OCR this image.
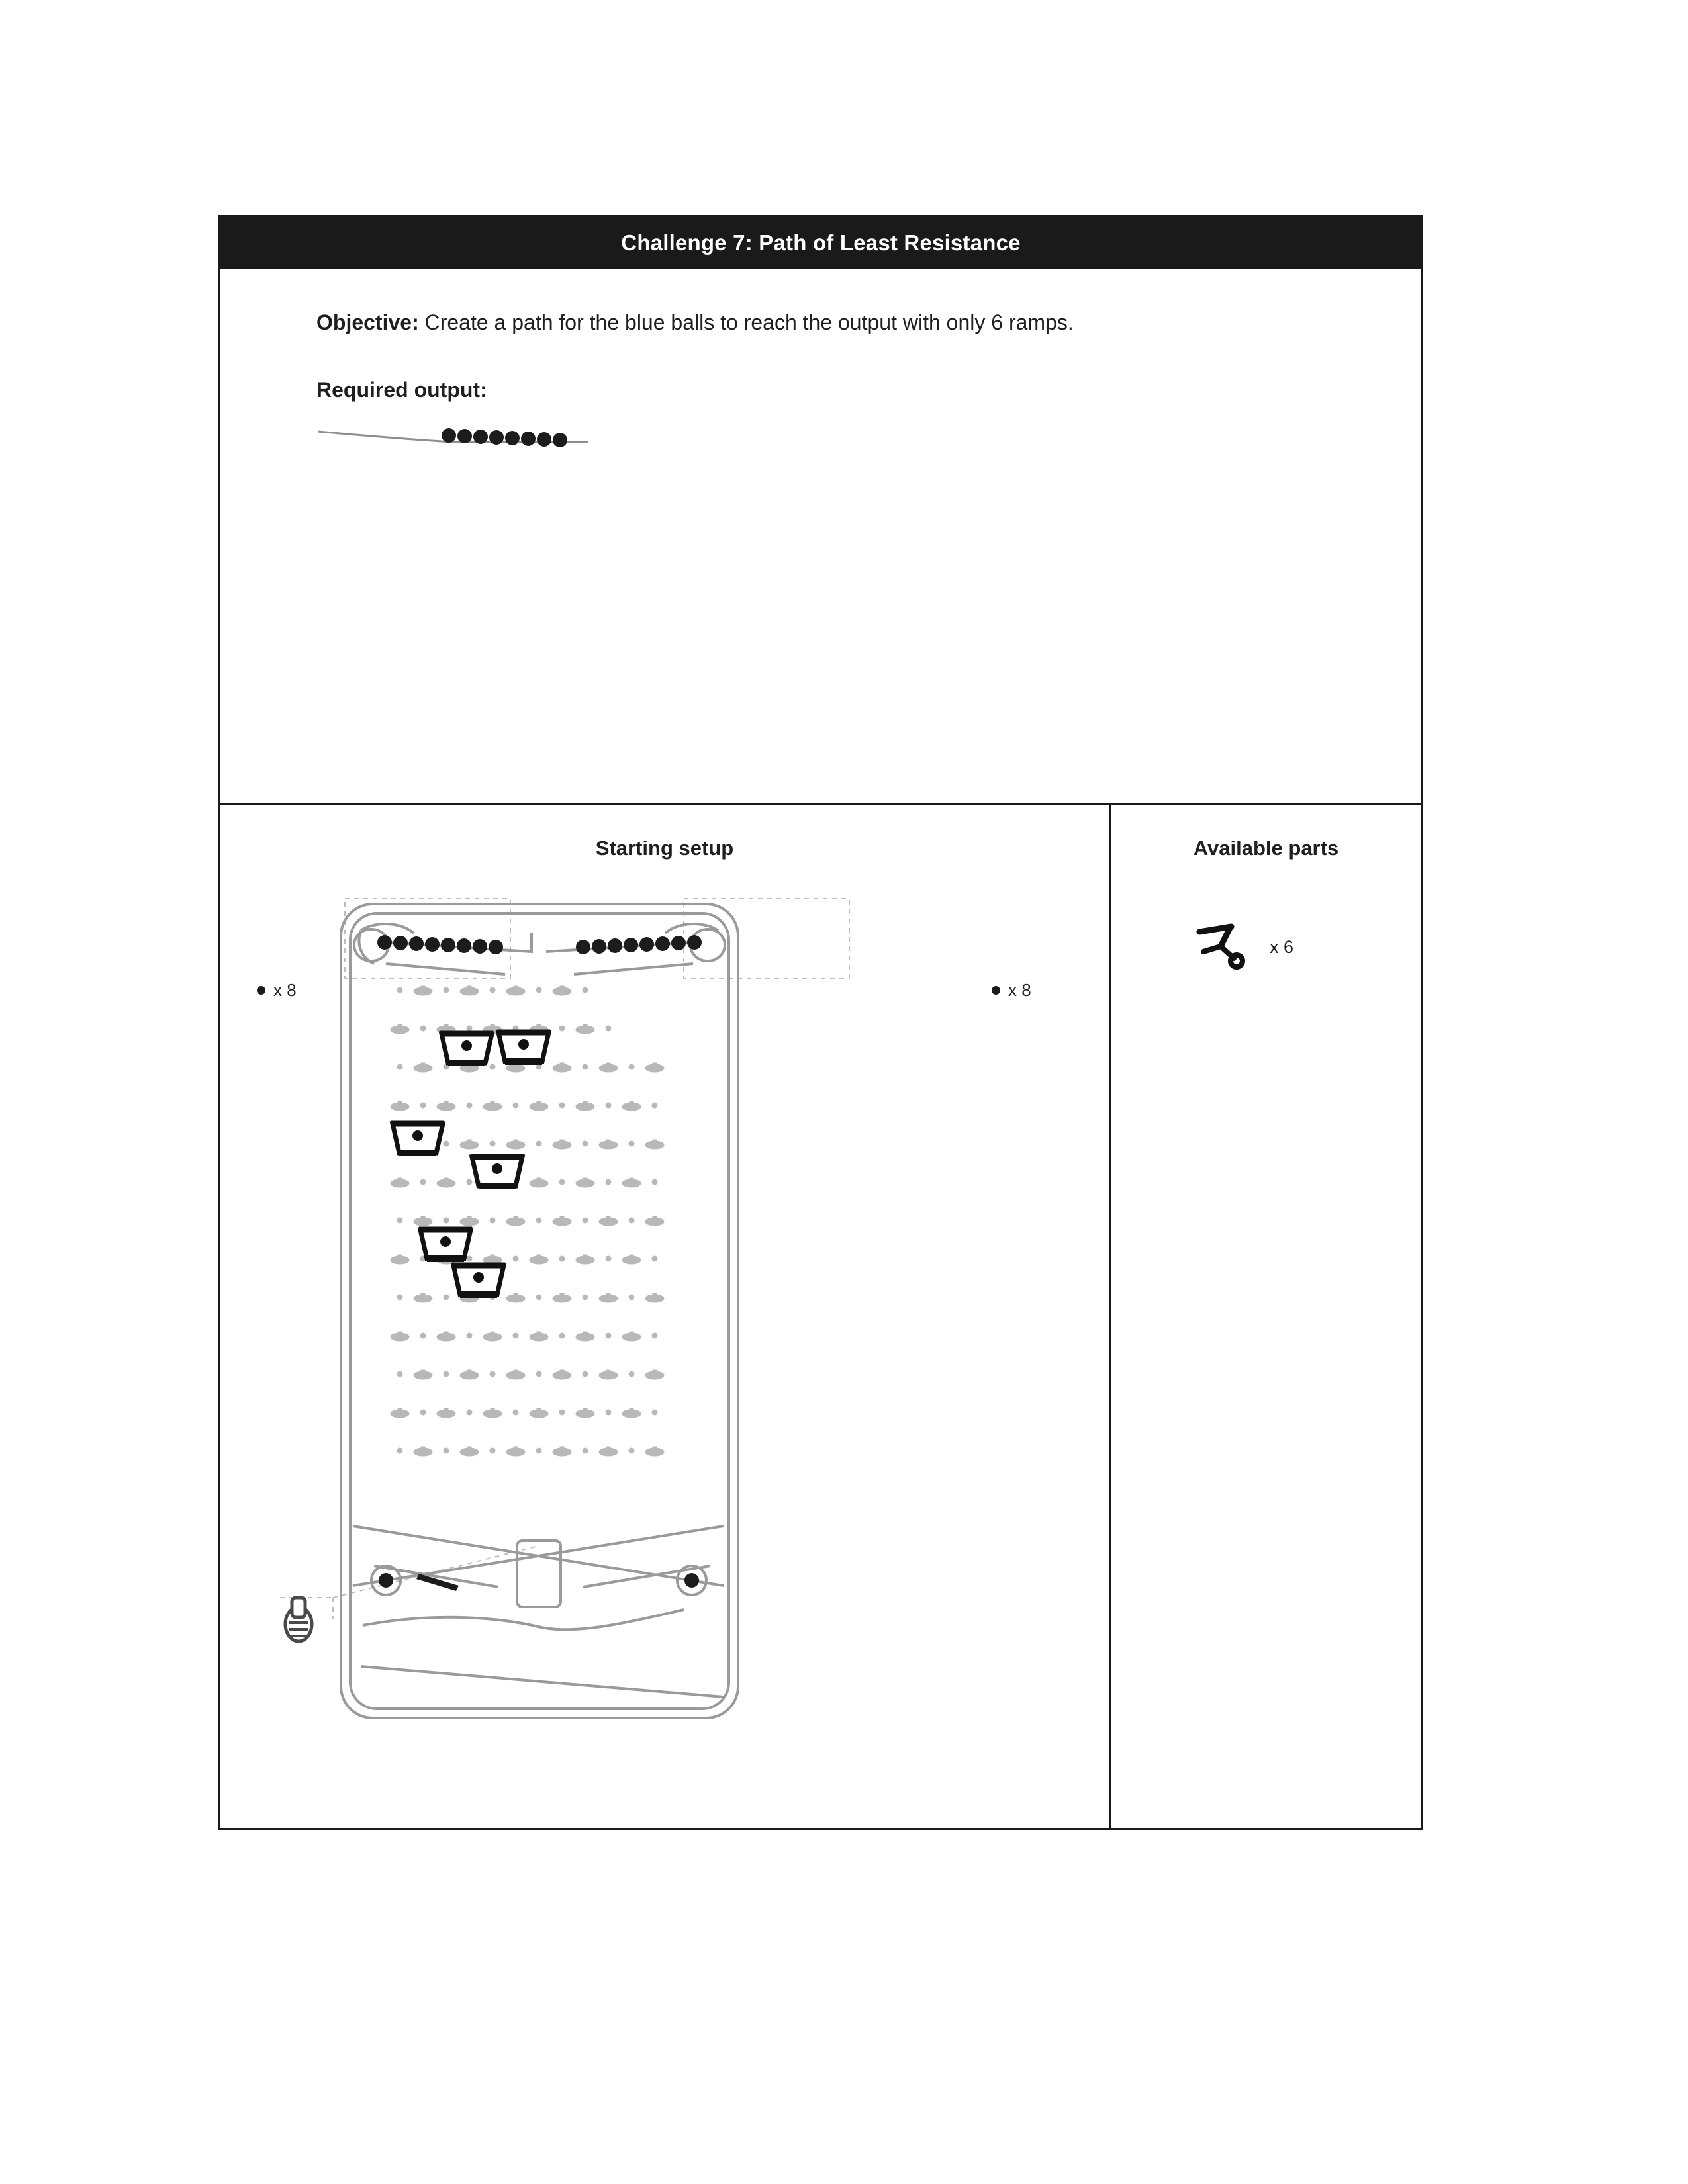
Challenge 7: Path of Least Resistance
Objective: Create a path for the blue balls to reach the output with only 6 ramps.
Required output:
Starting setup
x 8	x 8
Available parts
x 6
